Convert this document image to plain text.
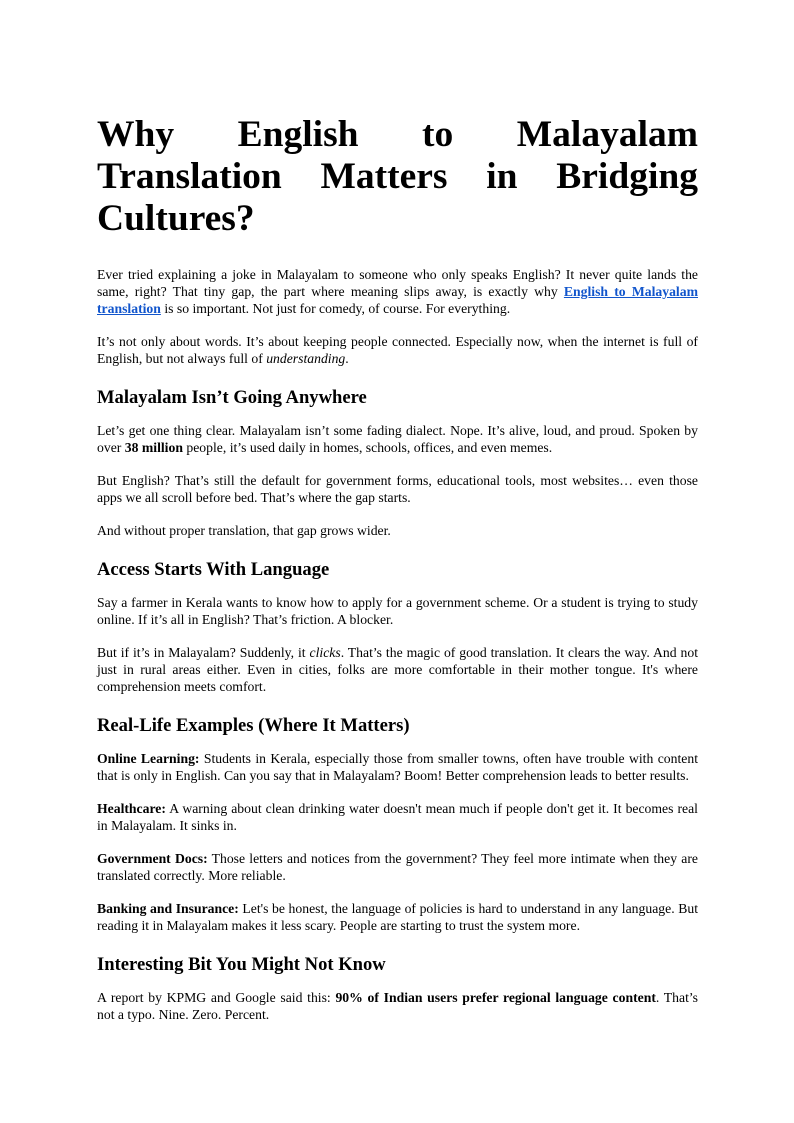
Why English to Malayalam Translation Matters in Bridging Cultures?

Ever tried explaining a joke in Malayalam to someone who only speaks English? It never quite lands the same, right? That tiny gap, the part where meaning slips away, is exactly why English to Malayalam translation is so important. Not just for comedy, of course. For everything.

It’s not only about words. It’s about keeping people connected. Especially now, when the internet is full of English, but not always full of understanding.

Malayalam Isn’t Going Anywhere

Let’s get one thing clear. Malayalam isn’t some fading dialect. Nope. It’s alive, loud, and proud. Spoken by over 38 million people, it’s used daily in homes, schools, offices, and even memes.

But English? That’s still the default for government forms, educational tools, most websites… even those apps we all scroll before bed. That’s where the gap starts.

And without proper translation, that gap grows wider.

Access Starts With Language

Say a farmer in Kerala wants to know how to apply for a government scheme. Or a student is trying to study online. If it’s all in English? That’s friction. A blocker.

But if it’s in Malayalam? Suddenly, it clicks. That’s the magic of good translation. It clears the way. And not just in rural areas either. Even in cities, folks are more comfortable in their mother tongue. It's where comprehension meets comfort.

Real-Life Examples (Where It Matters)

Online Learning: Students in Kerala, especially those from smaller towns, often have trouble with content that is only in English. Can you say that in Malayalam? Boom! Better comprehension leads to better results.

Healthcare: A warning about clean drinking water doesn't mean much if people don't get it. It becomes real in Malayalam. It sinks in.

Government Docs: Those letters and notices from the government? They feel more intimate when they are translated correctly. More reliable.

Banking and Insurance: Let's be honest, the language of policies is hard to understand in any language. But reading it in Malayalam makes it less scary. People are starting to trust the system more.

Interesting Bit You Might Not Know

A report by KPMG and Google said this: 90% of Indian users prefer regional language content. That’s not a typo. Nine. Zero. Percent.
